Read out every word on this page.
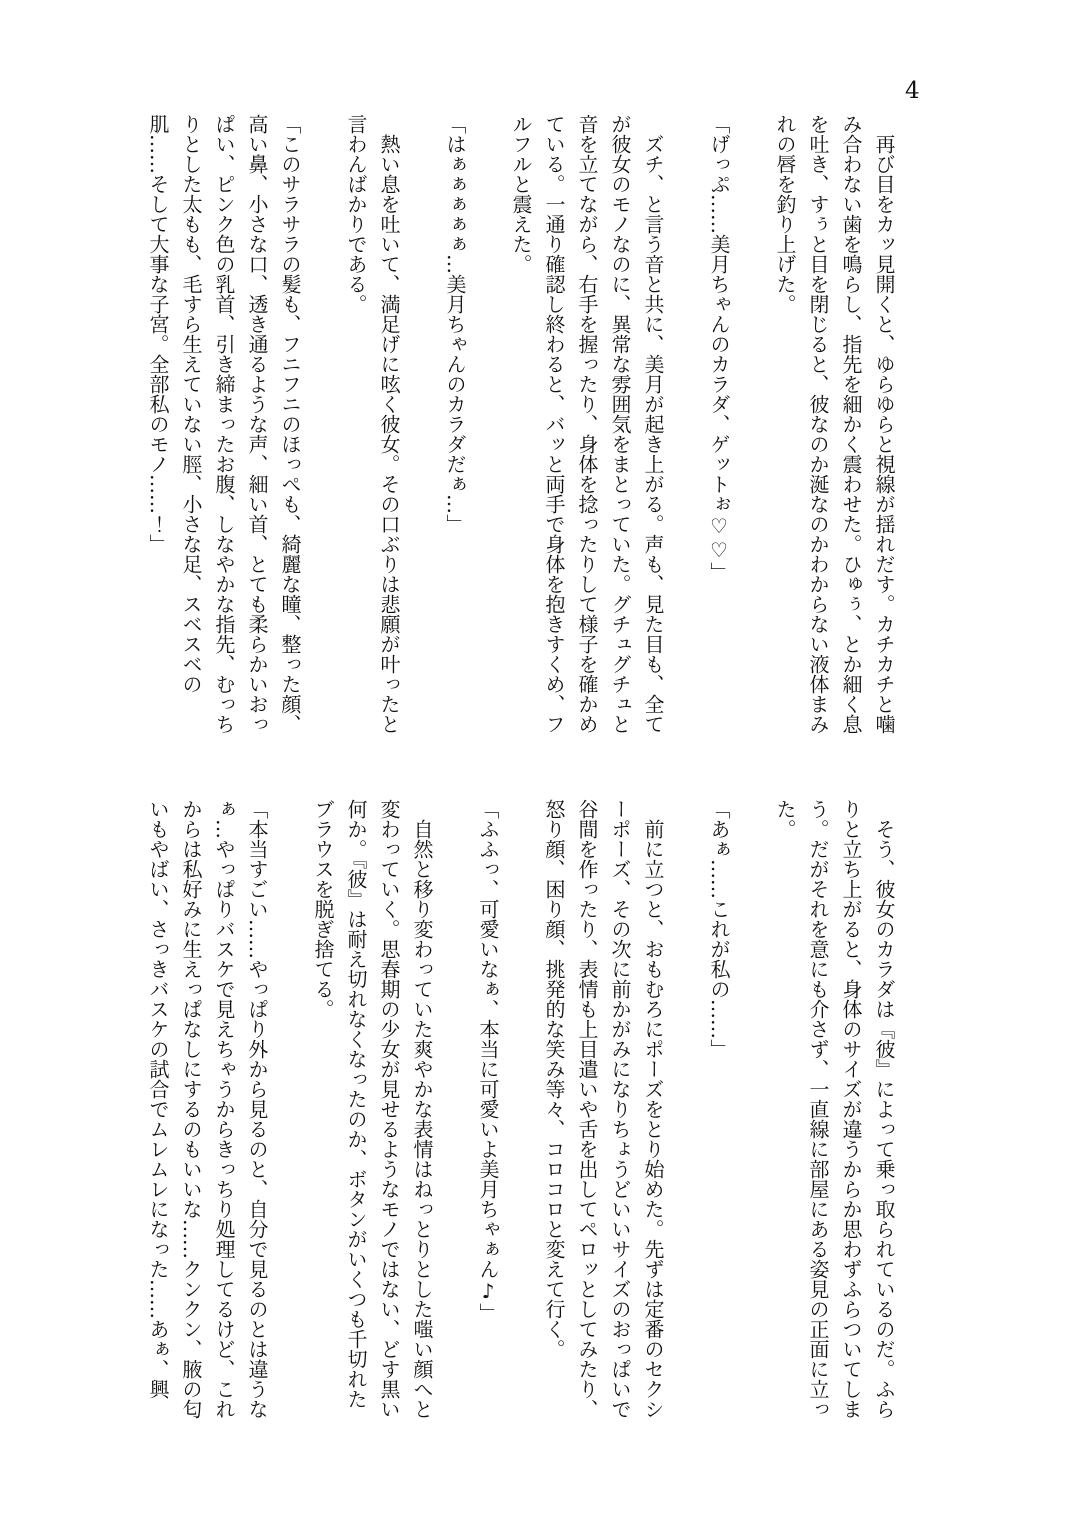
4

再び目をカッ見開くと、ゆらゆらと視線が揺れだす。カチカチと噛み合わない歯を鳴らし、指先を細かく震わせた。ひゅぅ、とか細く息を吐き、すぅと目を閉じると、彼なのか涎なのかわからない液体まみれの唇を釣り上げた。

「げっぷ……美月ちゃんのカラダ、ゲットぉ♡♡」

ズチ、と言う音と共に、美月が起き上がる。声も、見た目も、全てが彼女のモノなのに、異常な雰囲気をまとっていた。グチュグチュと音を立てながら、右手を握ったり、身体を捻ったりして様子を確かめている。一通り確認し終わると、バッと両手で身体を抱きすくめ、フルフルと震えた。

「はぁぁぁぁぁ…美月ちゃんのカラダだぁ…」

熱い息を吐いて、満足げに呟く彼女。その口ぶりは悲願が叶ったと言わんばかりである。

「このサラサラの髪も、フニフニのほっぺも、綺麗な瞳、整った顔、高い鼻、小さな口、透き通るような声、細い首、とても柔らかいおっぱい、ピンク色の乳首、引き締まったお腹、しなやかな指先、むっちりとした太もも、毛すら生えていない脛、小さな足、スベスベの肌……そして大事な子宮。全部私のモノ……！」

そう、彼女のカラダは『彼』によって乗っ取られているのだ。ふらりと立ち上がると、身体のサイズが違うからか思わずふらついてしまう。だがそれを意にも介さず、一直線に部屋にある姿見の正面に立った。

「あぁ……これが私の……」

前に立つと、おもむろにポーズをとり始めた。先ずは定番のセクシーポーズ、その次に前かがみになりちょうどいいサイズのおっぱいで谷間を作ったり、表情も上目遣いや舌を出してペロッとしてみたり、怒り顔、困り顔、挑発的な笑み等々、コロコロと変えて行く。

「ふふっ、可愛いなぁ、本当に可愛いよ美月ちゃぁん♪」

自然と移り変わっていた爽やかな表情はねっとりとした嗤い顔へと変わっていく。思春期の少女が見せるようなモノではない、どす黒い何か。『彼』は耐え切れなくなったのか、ボタンがいくつも千切れたブラウスを脱ぎ捨てる。

「本当すごい……やっぱり外から見るのと、自分で見るのとは違うなぁ…やっぱりバスケで見えちゃうからきっちり処理してるけど、これからは私好みに生えっぱなしにするのもいいな……クンクン、腋の匂いもやばい、さっきバスケの試合でムレムレになった……あぁ、興
